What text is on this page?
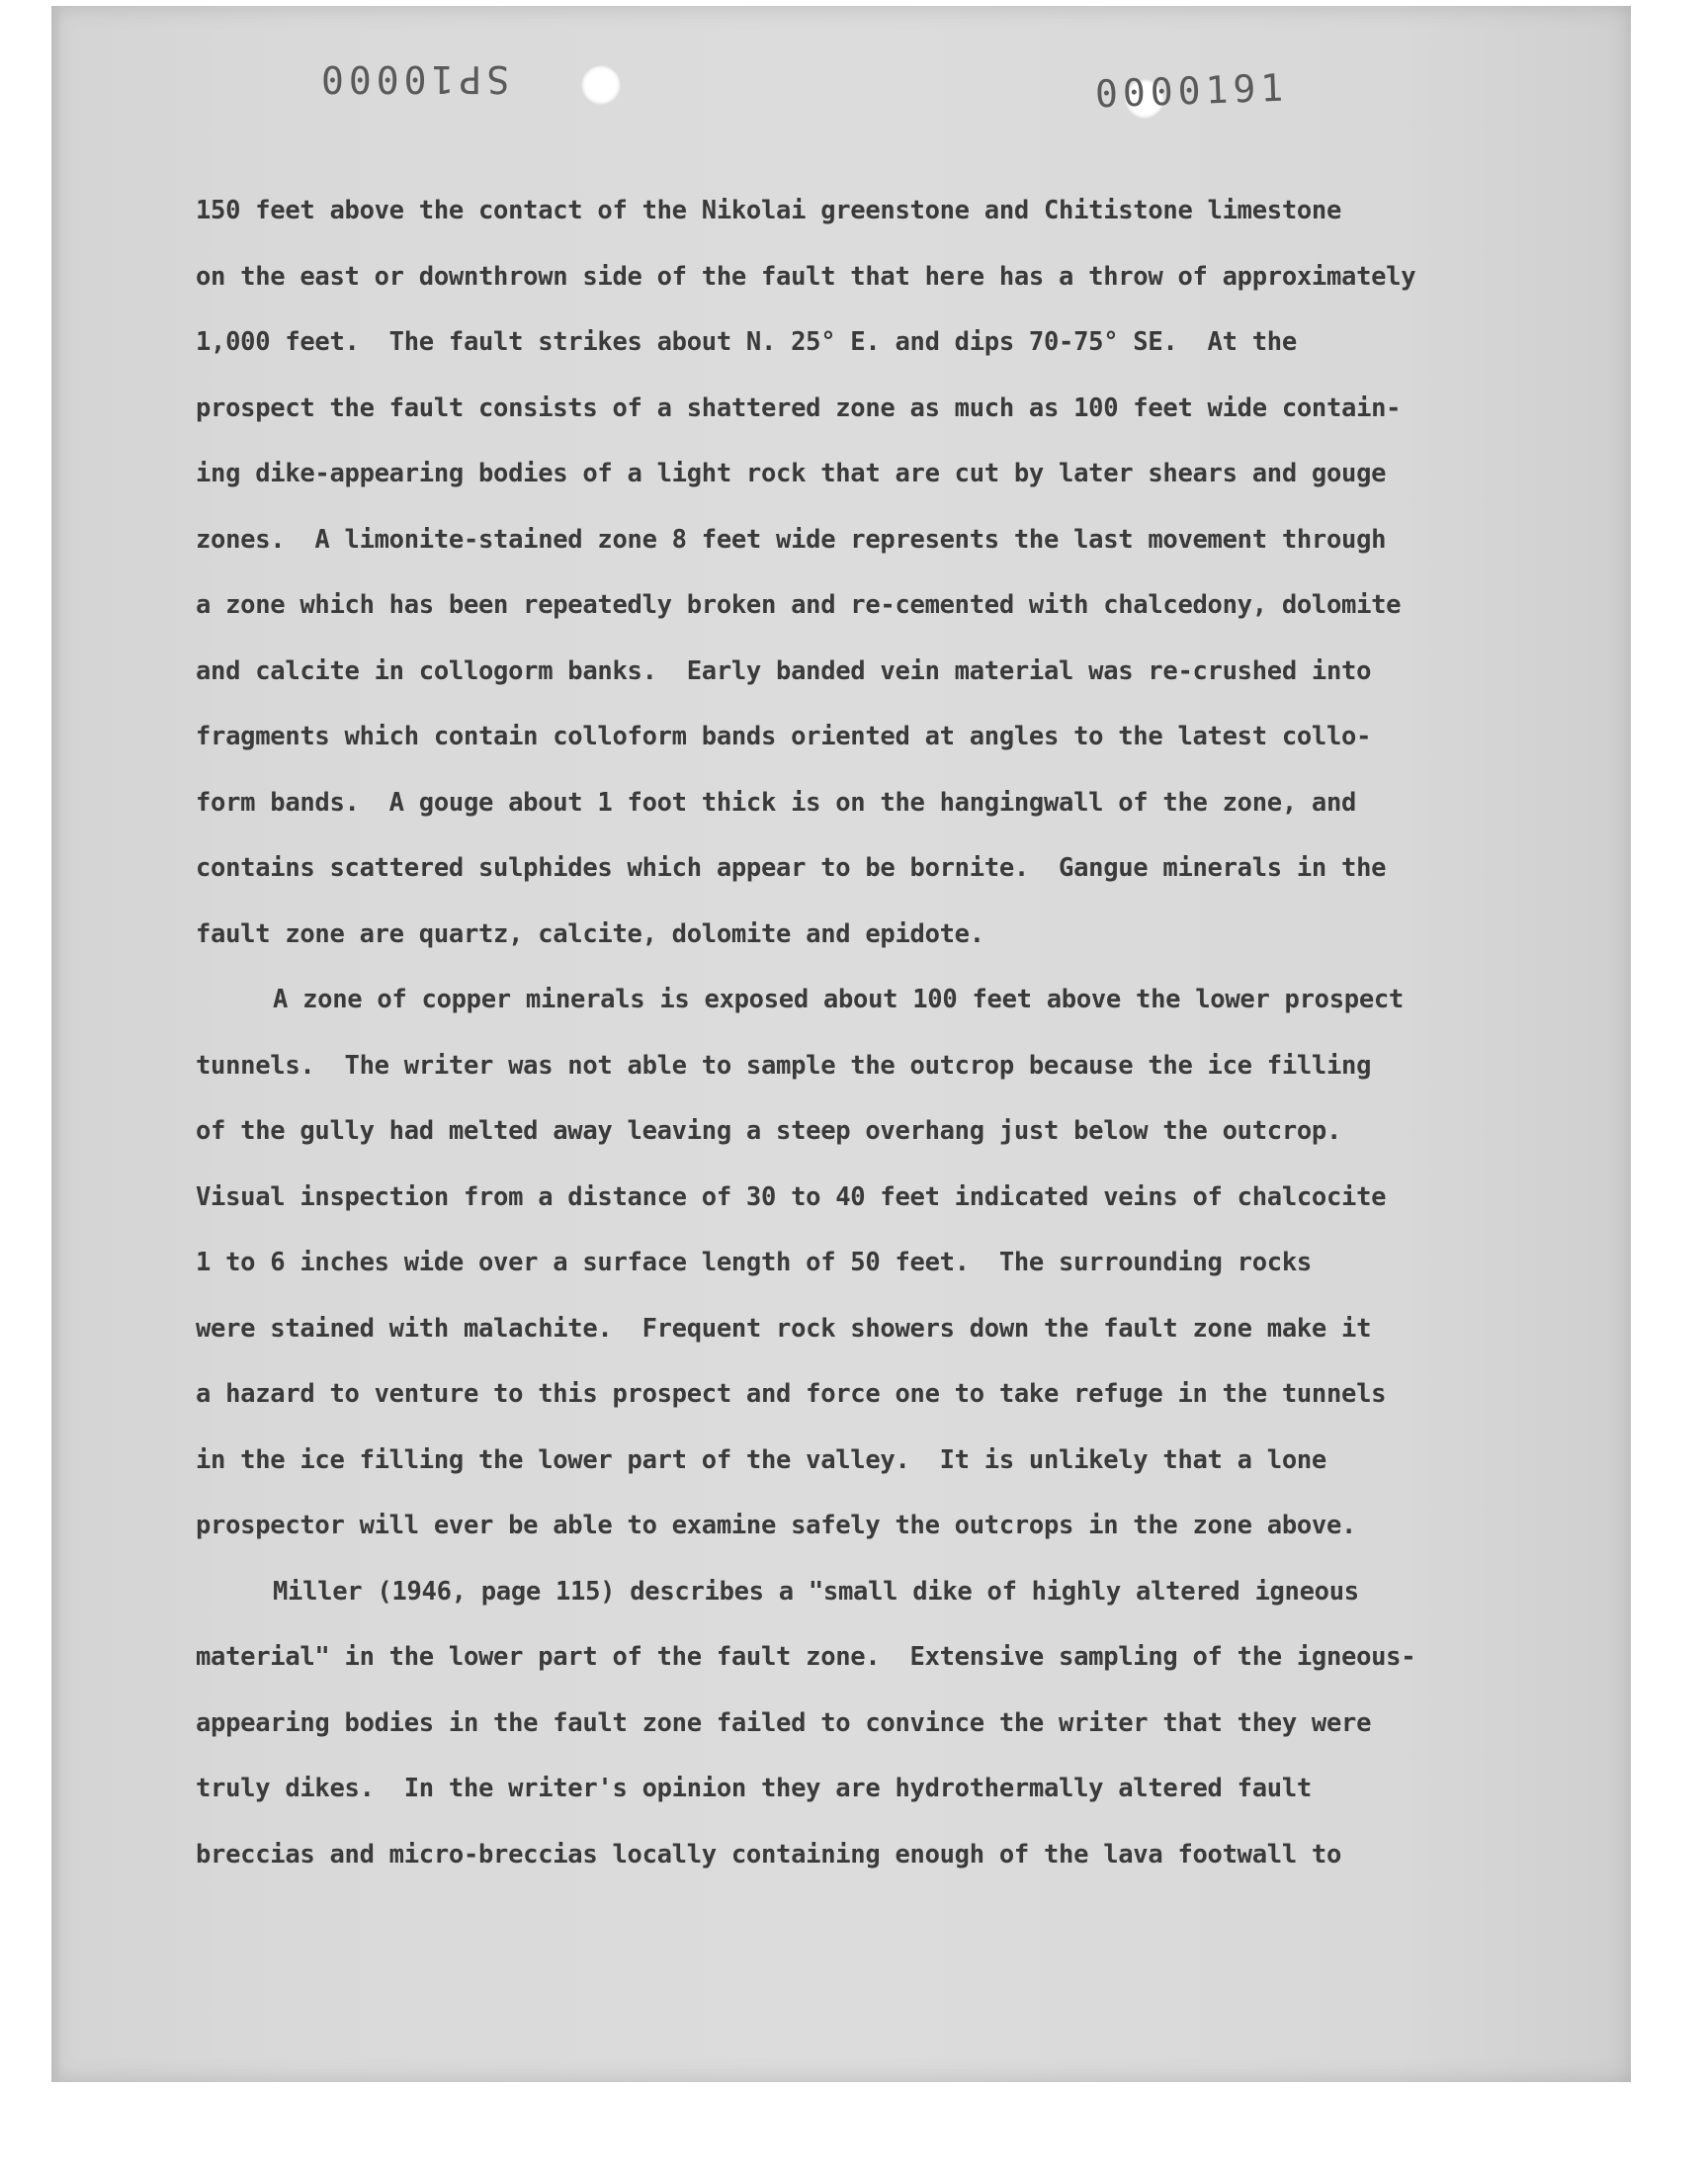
SP10000	0000191
150 feet above the contact of the Nikolai greenstone and Chitistone limestone
on the east or downthrown side of the fault that here has a throw of approximately
1,000 feet.  The fault strikes about N. 25° E. and dips 70-75° SE.  At the
prospect the fault consists of a shattered zone as much as 100 feet wide contain-
ing dike-appearing bodies of a light rock that are cut by later shears and gouge
zones.  A limonite-stained zone 8 feet wide represents the last movement through
a zone which has been repeatedly broken and re-cemented with chalcedony, dolomite
and calcite in collogorm banks.  Early banded vein material was re-crushed into
fragments which contain colloform bands oriented at angles to the latest collo-
form bands.  A gouge about 1 foot thick is on the hangingwall of the zone, and
contains scattered sulphides which appear to be bornite.  Gangue minerals in the
fault zone are quartz, calcite, dolomite and epidote.
A zone of copper minerals is exposed about 100 feet above the lower prospect
tunnels.  The writer was not able to sample the outcrop because the ice filling
of the gully had melted away leaving a steep overhang just below the outcrop.
Visual inspection from a distance of 30 to 40 feet indicated veins of chalcocite
1 to 6 inches wide over a surface length of 50 feet.  The surrounding rocks
were stained with malachite.  Frequent rock showers down the fault zone make it
a hazard to venture to this prospect and force one to take refuge in the tunnels
in the ice filling the lower part of the valley.  It is unlikely that a lone
prospector will ever be able to examine safely the outcrops in the zone above.
Miller (1946, page 115) describes a "small dike of highly altered igneous
material" in the lower part of the fault zone.  Extensive sampling of the igneous-
appearing bodies in the fault zone failed to convince the writer that they were
truly dikes.  In the writer's opinion they are hydrothermally altered fault
breccias and micro-breccias locally containing enough of the lava footwall to
